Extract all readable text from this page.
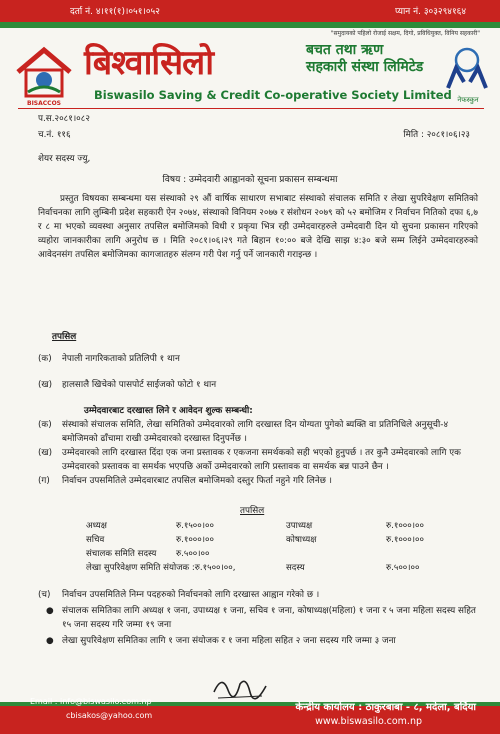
दर्ता नं. ४।११(१)।०५१।०५२	प्यान नं. ३०३२९४१६४
"समुदायको पहिलो रोजाई सक्षम, दिगो, प्रविधियुक्त, विनिय सहकारी"
BISACCOS
बिश्वासिलो	बचत तथा ऋण
सहकारी संस्था लिमिटेड
Biswasilo Saving & Credit Co-operative Society Limited नेफस्कुन
प.स.२०८१।०८२
च.नं. ११६	मिति : २०८१।०६।२३
शेयर सदस्य ज्यु,
विषय : उम्मेदवारी आह्वानको सूचना प्रकासन सम्बन्धमा

प्रस्तुत विषयका सम्बन्धमा यस संस्थाको २९ औं वार्षिक साधारण सभाबाट संस्थाको संचालक समिति र लेखा सुपरिवेक्षण समितिको निर्वाचनका लागि लुम्बिनी प्रदेश सहकारी ऐन २०७४, संस्थाको विनियम २०७७ र संशोधन २०७९ को ५२ बमोजिम र निर्वाचन नितिको दफा ६,७ र ८ मा भएको व्यवस्था अनुसार तपसिल बमोजिमको विधी र प्रकृया भित्र रही उम्मेदवारहरुले उम्मेदवारी दिन यो सुचना प्रकासन गरिएको व्यहोरा जानकारीका लागि अनुरोध छ । मिति २०८१।०६।२९ गते बिहान १०:०० बजे देखि साझ ४:३० बजे सम्म लिईने उम्मेदवारहरुको आवेदनसंग तपसिल बमोजिमका कागजातहरु संलग्न गरी पेश गर्नु पर्ने जानकारी गराइन्छ ।

तपसिल
(क) नेपाली नागरिकताको प्रतिलिपी १ थान
(ख) हालसालै खिचेको पासपोर्ट साईजको फोटो १ थान
उम्मेदवारबाट दरखास्त लिने र आवेदन शुल्क सम्बन्धी:
(क) संस्थाको संचालक समिति, लेखा समितिको उम्मेदवारको लागि दरखास्त दिन योग्यता पुगेको ब्यक्ति वा प्रतिनिधिले अनुसूची-४ बमोजिमको ढाँचामा राखी उम्मेदवारको दरखास्त दिनुपर्नेछ ।
(ख) उम्मेदवारको लागि दरखास्त दिंदा एक जना प्रस्तावक र एकजना समर्थकको सही भएको हुनुपर्छ । तर कुनै उम्मेदवारको लागि एक उम्मेदवारको प्रस्तावक वा समर्थक भएपछि अर्को उम्मेदवारको लागि प्रस्तावक वा समर्थक बन्न पाउने छैन ।
(ग) निर्वाचन उपसमितिले उम्मेदवारबाट तपसिल बमोजिमको दस्तुर फिर्ता नहुने गरि लिनेछ ।
तपसिल
अध्यक्ष	रु.१५००।००	उपाध्यक्ष	रु.१०००।००
सचिव	रु.१०००।००	कोषाध्यक्ष	रु.१०००।००
संचालक समिति सदस्य	रु.५००।००		
लेखा सुपरिवेक्षण समिति संयोजक :रु.१५००।००,		सदस्य	रु.५००।००
(च) निर्वाचन उपसमितिले निम्न पदहरुको निर्वाचनको लागि दरखास्त आह्वान गरेको छ ।
● संचालक समितिका लागि अध्यक्ष १ जना, उपाध्यक्ष १ जना, सचिव १ जना, कोषाध्यक्ष(महिला) १ जना र ५ जना महिला सदस्य सहित १५ जना सदस्य गरि जम्मा १९ जना
● लेखा सुपरिवेक्षण समितिका लागि १ जना संयोजक र १ जना महिला सहित २ जना सदस्य गरि जम्मा ३ जना
Email : info@biswasilo.com.np
cbisakos@yahoo.com
केन्द्रीय कार्यालय : ठाकुरबाबा - ८, मदेला, बर्दिया
www.biswasilo.com.np
